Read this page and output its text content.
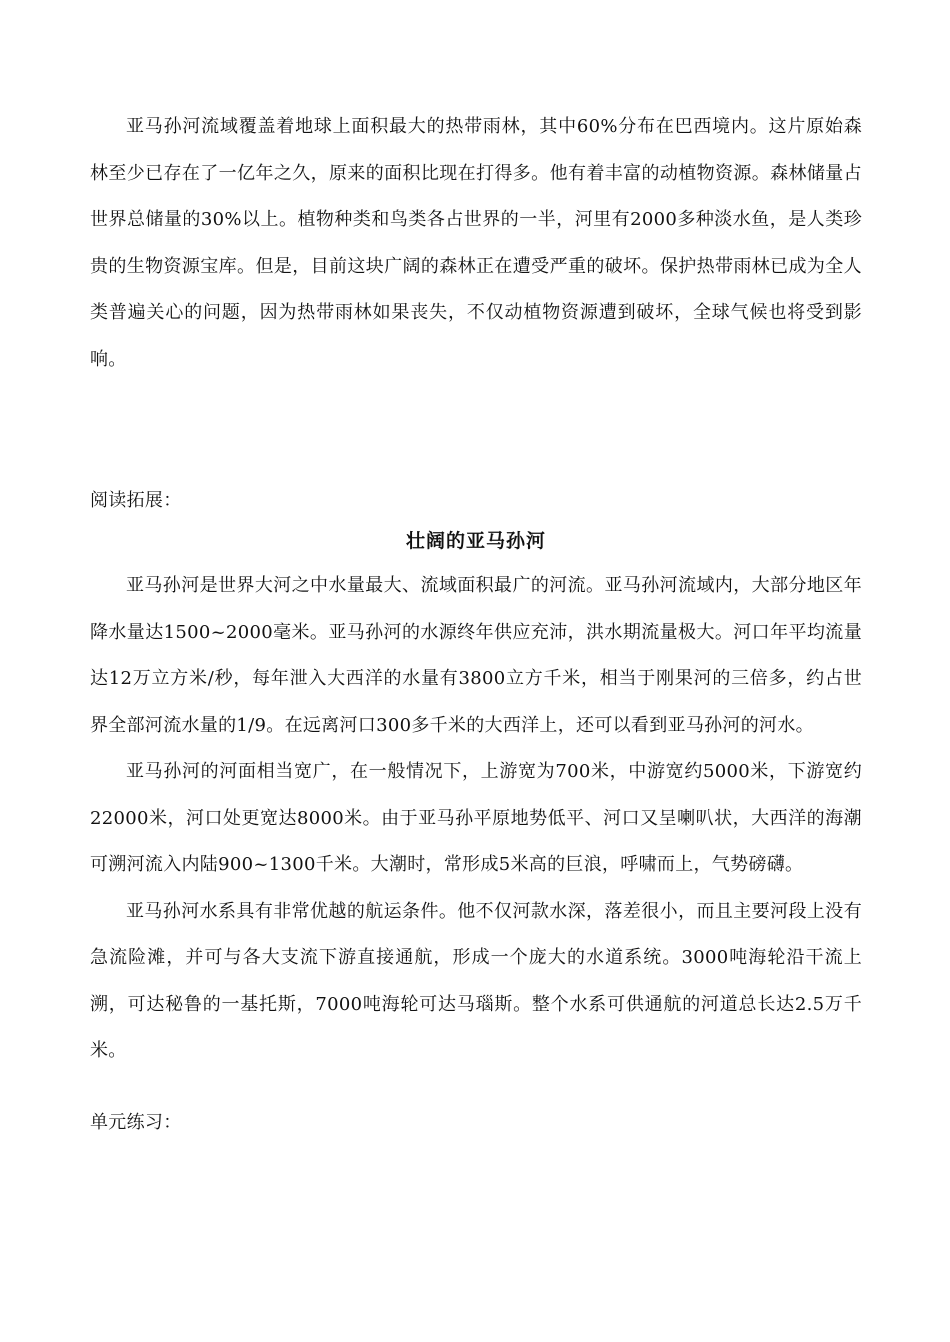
亚马孙河流域覆盖着地球上面积最大的热带雨林，其中60%分布在巴西境内。这片原始森林至少已存在了一亿年之久，原来的面积比现在打得多。他有着丰富的动植物资源。森林储量占世界总储量的30%以上。植物种类和鸟类各占世界的一半，河里有2000多种淡水鱼，是人类珍贵的生物资源宝库。但是，目前这块广阔的森林正在遭受严重的破坏。保护热带雨林已成为全人类普遍关心的问题，因为热带雨林如果丧失，不仅动植物资源遭到破坏，全球气候也将受到影响。

阅读拓展：

壮阔的亚马孙河

亚马孙河是世界大河之中水量最大、流域面积最广的河流。亚马孙河流域内，大部分地区年降水量达1500~2000毫米。亚马孙河的水源终年供应充沛，洪水期流量极大。河口年平均流量达12万立方米/秒，每年泄入大西洋的水量有3800立方千米，相当于刚果河的三倍多，约占世界全部河流水量的1/9。在远离河口300多千米的大西洋上，还可以看到亚马孙河的河水。

亚马孙河的河面相当宽广，在一般情况下，上游宽为700米，中游宽约5000米，下游宽约22000米，河口处更宽达8000米。由于亚马孙平原地势低平、河口又呈喇叭状，大西洋的海潮可溯河流入内陆900~1300千米。大潮时，常形成5米高的巨浪，呼啸而上，气势磅礴。

亚马孙河水系具有非常优越的航运条件。他不仅河款水深，落差很小，而且主要河段上没有急流险滩，并可与各大支流下游直接通航，形成一个庞大的水道系统。3000吨海轮沿干流上溯，可达秘鲁的一基托斯，7000吨海轮可达马瑙斯。整个水系可供通航的河道总长达2.5万千米。

单元练习：
